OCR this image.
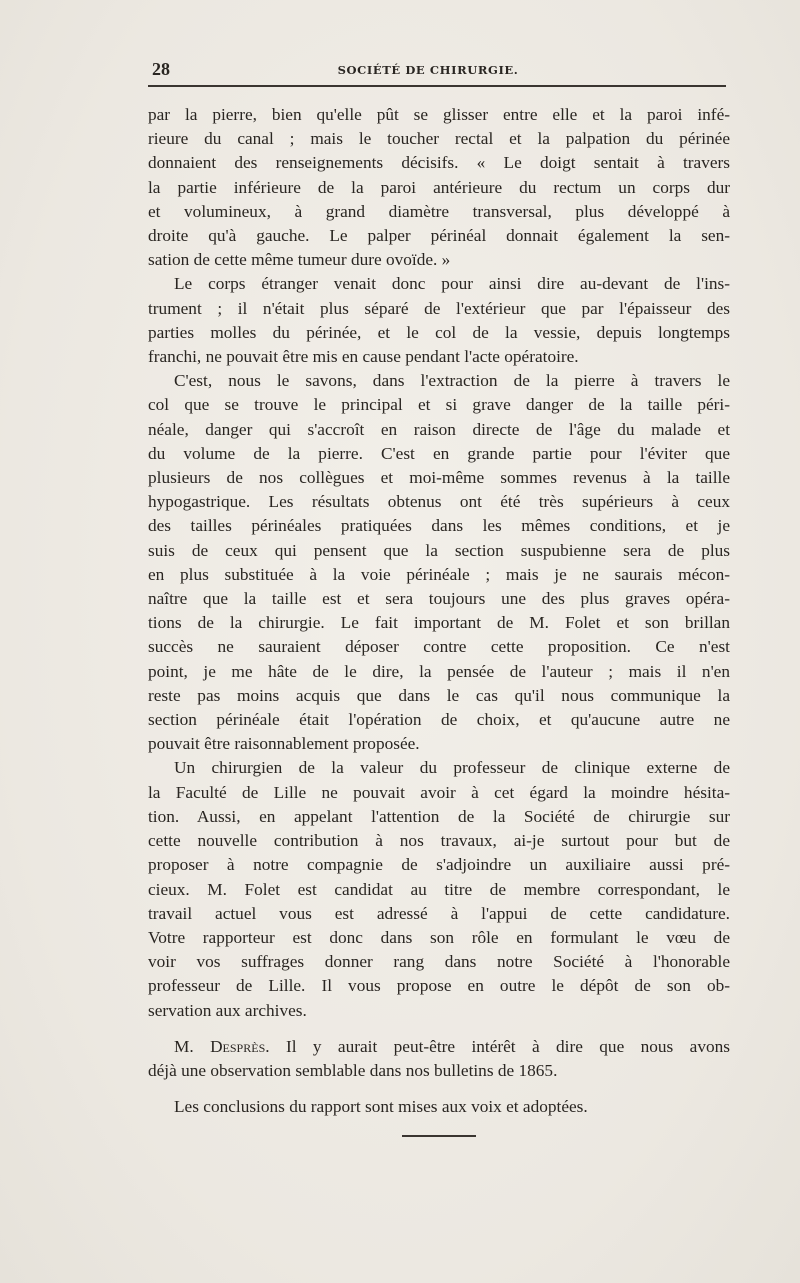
28	SOCIÉTÉ DE CHIRURGIE.

par la pierre, bien qu'elle pût se glisser entre elle et la paroi infé-
rieure du canal ; mais le toucher rectal et la palpation du périnée
donnaient des renseignements décisifs. « Le doigt sentait à travers
la partie inférieure de la paroi antérieure du rectum un corps dur
et volumineux, à grand diamètre transversal, plus développé à
droite qu'à gauche. Le palper périnéal donnait également la sen-
sation de cette même tumeur dure ovoïde. »

Le corps étranger venait donc pour ainsi dire au-devant de l'ins-
trument ; il n'était plus séparé de l'extérieur que par l'épaisseur des
parties molles du périnée, et le col de la vessie, depuis longtemps
franchi, ne pouvait être mis en cause pendant l'acte opératoire.

C'est, nous le savons, dans l'extraction de la pierre à travers le
col que se trouve le principal et si grave danger de la taille péri-
néale, danger qui s'accroît en raison directe de l'âge du malade et
du volume de la pierre. C'est en grande partie pour l'éviter que
plusieurs de nos collègues et moi-même sommes revenus à la taille
hypogastrique. Les résultats obtenus ont été très supérieurs à ceux
des tailles périnéales pratiquées dans les mêmes conditions, et je
suis de ceux qui pensent que la section suspubienne sera de plus
en plus substituée à la voie périnéale ; mais je ne saurais mécon-
naître que la taille est et sera toujours une des plus graves opéra-
tions de la chirurgie. Le fait important de M. Folet et son brillan
succès ne sauraient déposer contre cette proposition. Ce n'est
point, je me hâte de le dire, la pensée de l'auteur ; mais il n'en
reste pas moins acquis que dans le cas qu'il nous communique la
section périnéale était l'opération de choix, et qu'aucune autre ne
pouvait être raisonnablement proposée.

Un chirurgien de la valeur du professeur de clinique externe de
la Faculté de Lille ne pouvait avoir à cet égard la moindre hésita-
tion. Aussi, en appelant l'attention de la Société de chirurgie sur
cette nouvelle contribution à nos travaux, ai-je surtout pour but de
proposer à notre compagnie de s'adjoindre un auxiliaire aussi pré-
cieux. M. Folet est candidat au titre de membre correspondant, le
travail actuel vous est adressé à l'appui de cette candidature.
Votre rapporteur est donc dans son rôle en formulant le vœu de
voir vos suffrages donner rang dans notre Société à l'honorable
professeur de Lille. Il vous propose en outre le dépôt de son ob-
servation aux archives.

M. Desprès. Il y aurait peut-être intérêt à dire que nous avons
déjà une observation semblable dans nos bulletins de 1865.

Les conclusions du rapport sont mises aux voix et adoptées.
